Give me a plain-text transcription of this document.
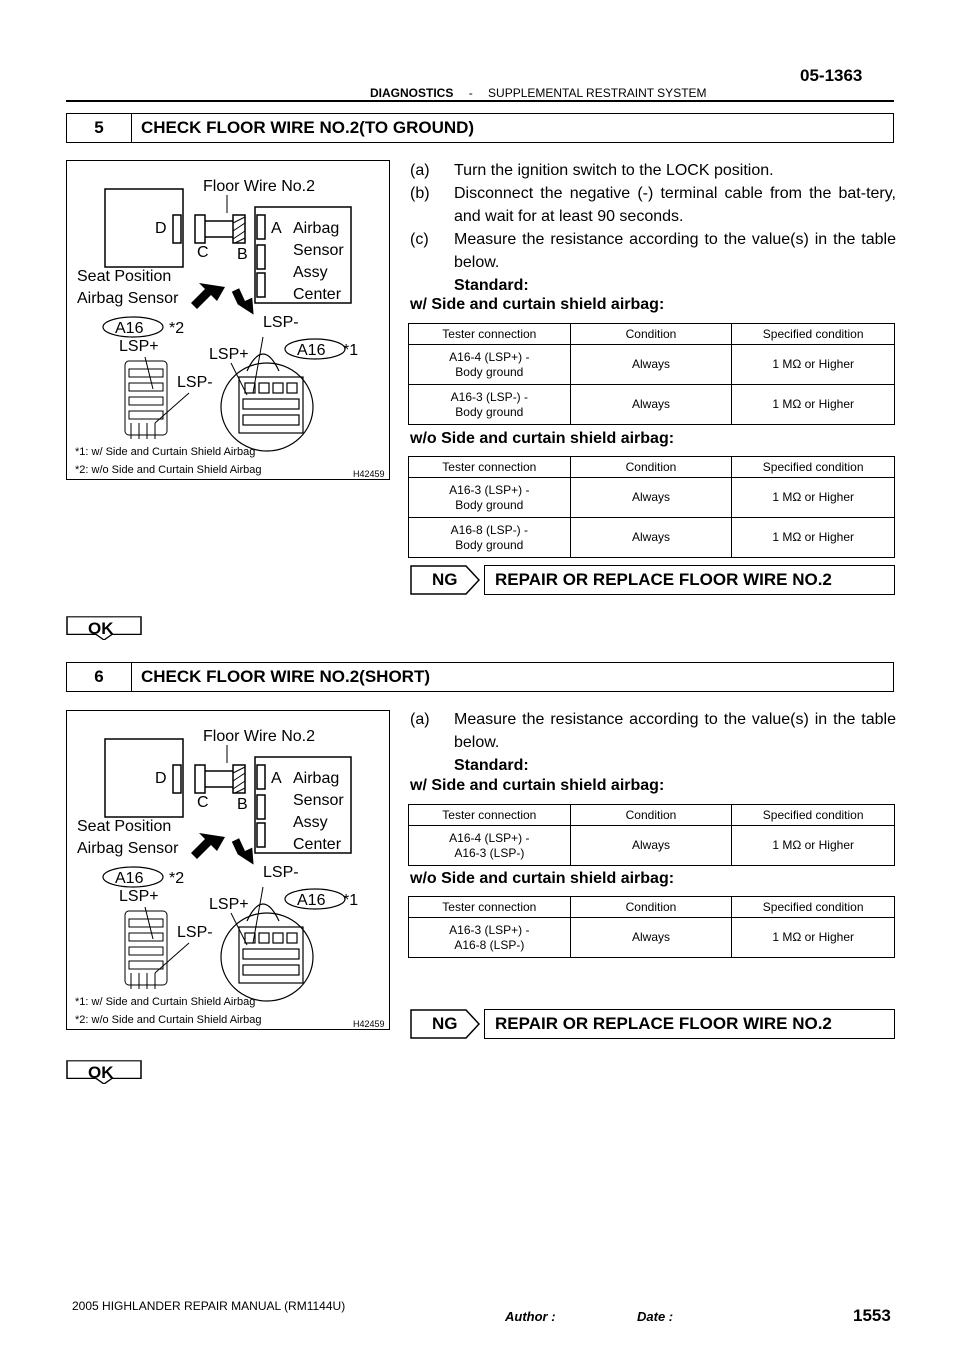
05-1363
DIAGNOSTICS - SUPPLEMENTAL RESTRAINT SYSTEM
5	CHECK FLOOR WIRE NO.2(TO GROUND)
D
C B
Floor Wire No.2
A Airbag
Sensor
Assy
Center
Seat Position
Airbag Sensor
A16 *2
LSP+
LSP-
LSP+	A16 *1
LSP-
*1: w/ Side and Curtain Shield Airbag
*2: w/o Side and Curtain Shield Airbag	H42459
(a) Turn the ignition switch to the LOCK position.
(b) Disconnect the negative (-) terminal cable from the bat-tery, and wait for at least 90 seconds.
(c) Measure the resistance according to the value(s) in the table below.
Standard:
w/ Side and curtain shield airbag:
Tester connection	Condition	Specified condition
A16-4 (LSP+) -
Body ground	Always	1 MΩ or Higher
A16-3 (LSP-) -
Body ground	Always	1 MΩ or Higher
w/o Side and curtain shield airbag:
Tester connection	Condition	Specified condition
A16-3 (LSP+) -
Body ground	Always	1 MΩ or Higher
A16-8 (LSP-) -
Body ground	Always	1 MΩ or Higher
NG	REPAIR OR REPLACE FLOOR WIRE NO.2
OK
6	CHECK FLOOR WIRE NO.2(SHORT)
D
C B
Floor Wire No.2
A Airbag
Sensor
Assy
Center
Seat Position
Airbag Sensor
A16 *2
LSP+
LSP-
LSP+	A16 *1
LSP-
*1: w/ Side and Curtain Shield Airbag
*2: w/o Side and Curtain Shield Airbag	H42459
(a) Measure the resistance according to the value(s) in the table below.
Standard:
w/ Side and curtain shield airbag:
Tester connection	Condition	Specified condition
A16-4 (LSP+) -
A16-3 (LSP-)	Always	1 MΩ or Higher
w/o Side and curtain shield airbag:
Tester connection	Condition	Specified condition
A16-3 (LSP+) -
A16-8 (LSP-)	Always	1 MΩ or Higher
NG	REPAIR OR REPLACE FLOOR WIRE NO.2
OK
2005 HIGHLANDER REPAIR MANUAL (RM1144U)
Author :	Date :	1553
